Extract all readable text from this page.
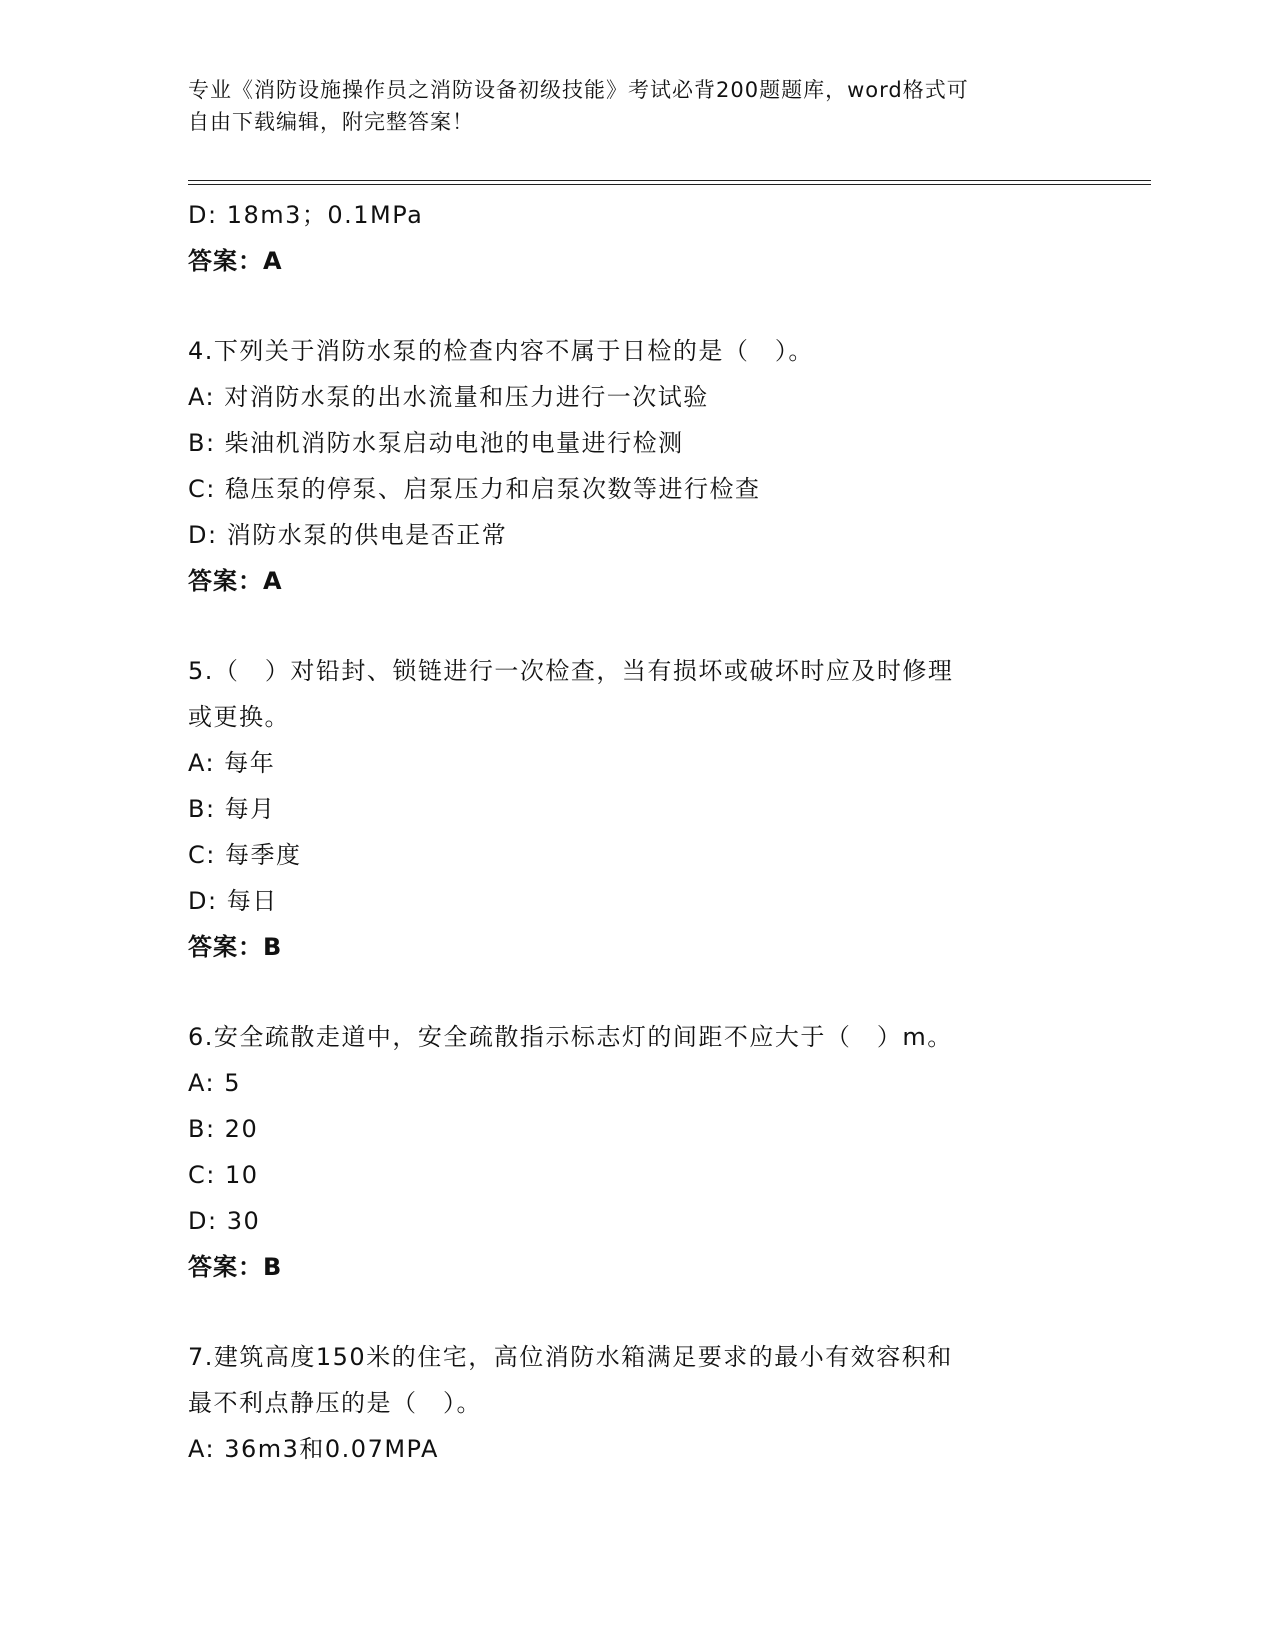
专业《消防设施操作员之消防设备初级技能》考试必背200题题库，word格式可
自由下载编辑，附完整答案！
D: 18m3；0.1MPa
答案：A
4.下列关于消防水泵的检查内容不属于日检的是（　）。
A: 对消防水泵的出水流量和压力进行一次试验
B: 柴油机消防水泵启动电池的电量进行检测
C: 稳压泵的停泵、启泵压力和启泵次数等进行检查
D: 消防水泵的供电是否正常
答案：A
5.（　）对铅封、锁链进行一次检查，当有损坏或破坏时应及时修理
或更换。
A: 每年
B: 每月
C: 每季度
D: 每日
答案：B
6.安全疏散走道中，安全疏散指示标志灯的间距不应大于（　）m。
A: 5
B: 20
C: 10
D: 30
答案：B
7.建筑高度150米的住宅，高位消防水箱满足要求的最小有效容积和
最不利点静压的是（　）。
A: 36m3和0.07MPA
